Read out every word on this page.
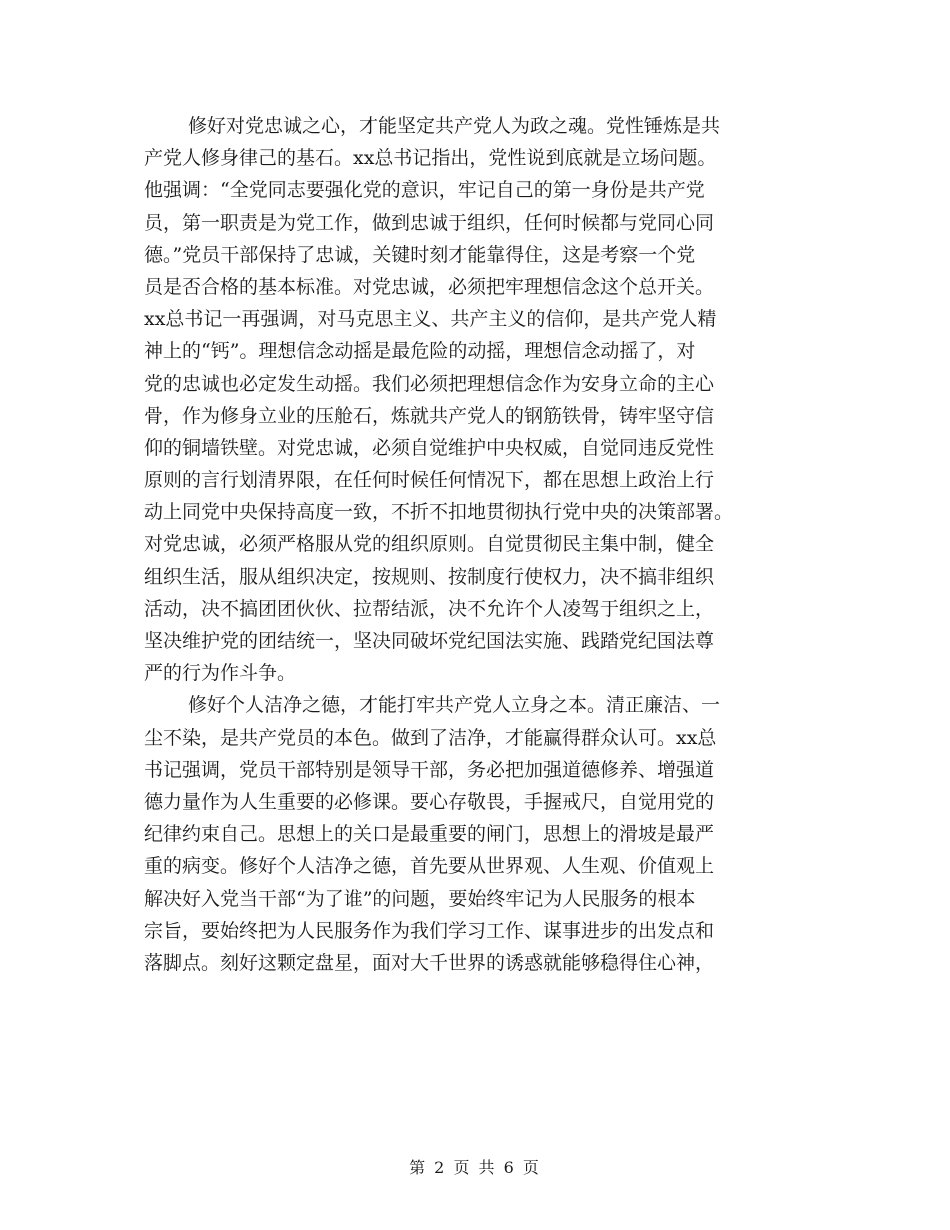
修好对党忠诚之心，才能坚定共产党人为政之魂。党性锤炼是共
产党人修身律己的基石。xx总书记指出，党性说到底就是立场问题。
他强调：“全党同志要强化党的意识，牢记自己的第一身份是共产党
员，第一职责是为党工作，做到忠诚于组织，任何时候都与党同心同
德。”党员干部保持了忠诚，关键时刻才能靠得住，这是考察一个党
员是否合格的基本标准。对党忠诚，必须把牢理想信念这个总开关。
xx总书记一再强调，对马克思主义、共产主义的信仰，是共产党人精
神上的“钙”。理想信念动摇是最危险的动摇，理想信念动摇了，对
党的忠诚也必定发生动摇。我们必须把理想信念作为安身立命的主心
骨，作为修身立业的压舱石，炼就共产党人的钢筋铁骨，铸牢坚守信
仰的铜墙铁壁。对党忠诚，必须自觉维护中央权威，自觉同违反党性
原则的言行划清界限，在任何时候任何情况下，都在思想上政治上行
动上同党中央保持高度一致，不折不扣地贯彻执行党中央的决策部署。
对党忠诚，必须严格服从党的组织原则。自觉贯彻民主集中制，健全
组织生活，服从组织决定，按规则、按制度行使权力，决不搞非组织
活动，决不搞团团伙伙、拉帮结派，决不允许个人凌驾于组织之上，
坚决维护党的团结统一，坚决同破坏党纪国法实施、践踏党纪国法尊
严的行为作斗争。
修好个人洁净之德，才能打牢共产党人立身之本。清正廉洁、一
尘不染，是共产党员的本色。做到了洁净，才能赢得群众认可。xx总
书记强调，党员干部特别是领导干部，务必把加强道德修养、增强道
德力量作为人生重要的必修课。要心存敬畏，手握戒尺，自觉用党的
纪律约束自己。思想上的关口是最重要的闸门，思想上的滑坡是最严
重的病变。修好个人洁净之德，首先要从世界观、人生观、价值观上
解决好入党当干部“为了谁”的问题，要始终牢记为人民服务的根本
宗旨，要始终把为人民服务作为我们学习工作、谋事进步的出发点和
落脚点。刻好这颗定盘星，面对大千世界的诱惑就能够稳得住心神，
第 2 页 共 6 页
